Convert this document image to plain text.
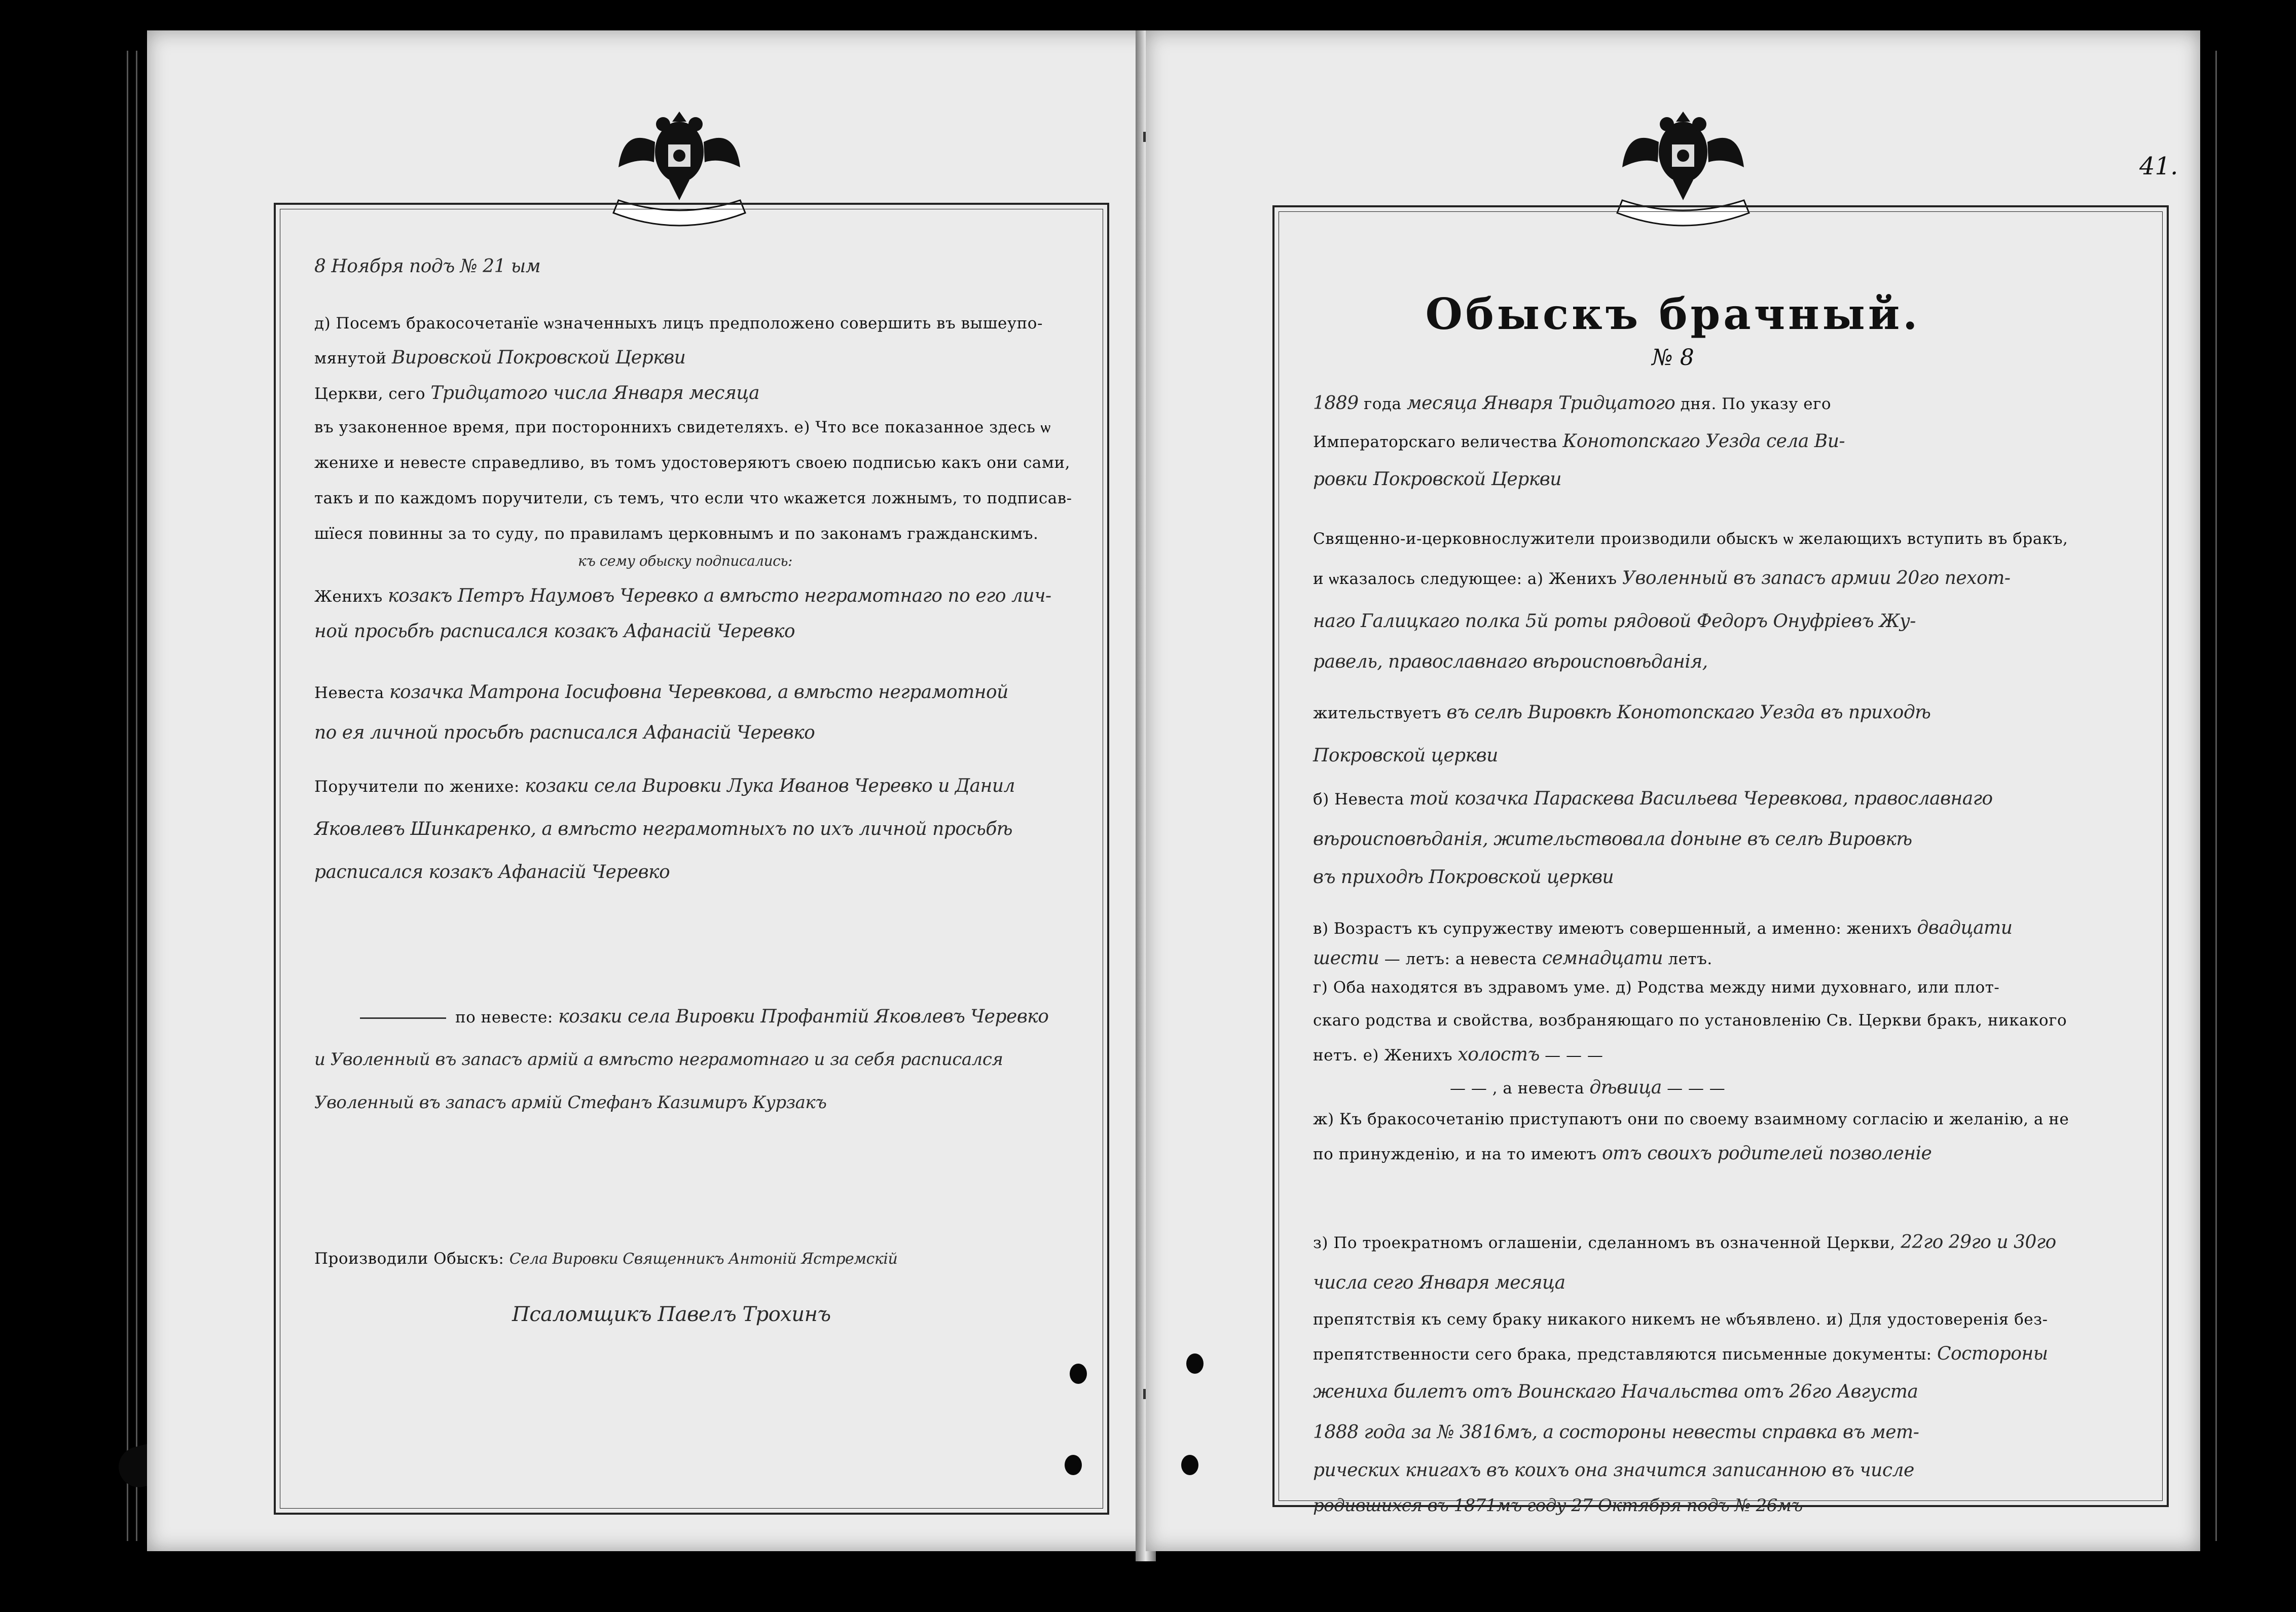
8 Ноября подъ № 21 ым
д) Посемъ бракосочетанїе ѡзначенныхъ лицъ предположено совершить въ вышеупо-
мянутой Вировской Покровской Церкви
Церкви, сего Тридцатого числа Января месяца
въ узаконенное время, при постороннихъ свидетеляхъ. е) Что все показанное здесь ѡ
женихе и невесте справедливо, въ томъ удостоверяютъ своею подписью какъ они сами,
такъ и по каждомъ поручители, съ темъ, что если что ѡкажется ложнымъ, то подписав-
шїеся повинны за то суду, по правиламъ церковнымъ и по законамъ гражданскимъ.
къ сему обыску подписались:
Женихъ козакъ Петръ Наумовъ Черевко а вмѣсто неграмотнаго по его лич-
ной просьбѣ расписался козакъ Афанасій Черевко
Невеста козачка Матрона Іосифовна Черевкова, а вмѣсто неграмотной
по ея личной просьбѣ расписался Афанасій Черевко
Поручители по женихе: козаки села Вировки Лука Иванов Черевко и Данил
Яковлевъ Шинкаренко, а вмѣсто неграмотныхъ по ихъ личной просьбѣ
расписался козакъ Афанасій Черевко
по невесте: козаки села Вировки Профантій Яковлевъ Черевко
и Уволенный въ запасъ армій а вмѣсто неграмотнаго и за себя расписался
Уволенный въ запасъ армій Стефанъ Казимиръ Курзакъ
Производили Обыскъ: Села Вировки Священникъ Антоній Ястремскій
Псаломщикъ Павелъ Трохинъ
41.
Обыскъ брачный.
№ 8
1889 года месяца Января Тридцатого дня. По указу его
Императорскаго величества Конотопскаго Уезда села Ви-
ровки Покровской Церкви
Священно-и-церковнослужители производили обыскъ ѡ желающихъ вступить въ бракъ,
и ѡказалось следующее: а) Женихъ Уволенный въ запасъ армии 20го пехот-
наго Галицкаго полка 5й роты рядовой Федоръ Онуфріевъ Жу-
равель, православнаго вѣроисповѣданія,
жительствуетъ въ селѣ Вировкѣ Конотопскаго Уезда въ приходѣ
Покровской церкви
б) Невеста той козачка Параскева Васильева Черевкова, православнаго
вѣроисповѣданія, жительствовала doныне въ селѣ Вировкѣ
въ приходѣ Покровской церкви
в) Возрастъ къ супружеству имеютъ совершенный, а именно: женихъ двадцати
шести — летъ: а невеста семнадцати летъ.
г) Оба находятся въ здравомъ уме. д) Родства между ними духовнаго, или плот-
скаго родства и свойства, возбраняющаго по установленію Св. Церкви бракъ, никакого
нетъ. е) Женихъ холостъ — — —
— — , а невеста дѣвица — — —
ж) Къ бракосочетанію приступаютъ они по своему взаимному согласію и желанію, а не
по принужденію, и на то имеютъ отъ своихъ родителей позволеніе
з) По троекратномъ оглашеніи, сделанномъ въ означенной Церкви, 22го 29го и 30го
числа сего Января месяца
препятствія къ сему браку никакого никемъ не ѡбъявлено. и) Для удостоверенія без-
препятственности сего брака, представляются письменные документы: Состороны
жениха билетъ отъ Воинскаго Начальства отъ 26го Августа
1888 года за № 3816мъ, а состороны невесты справка въ мет-
рических книгахъ въ коихъ она значится записанною въ числе
родившихся въ 1871мъ году 27 Октября подъ № 26мъ
